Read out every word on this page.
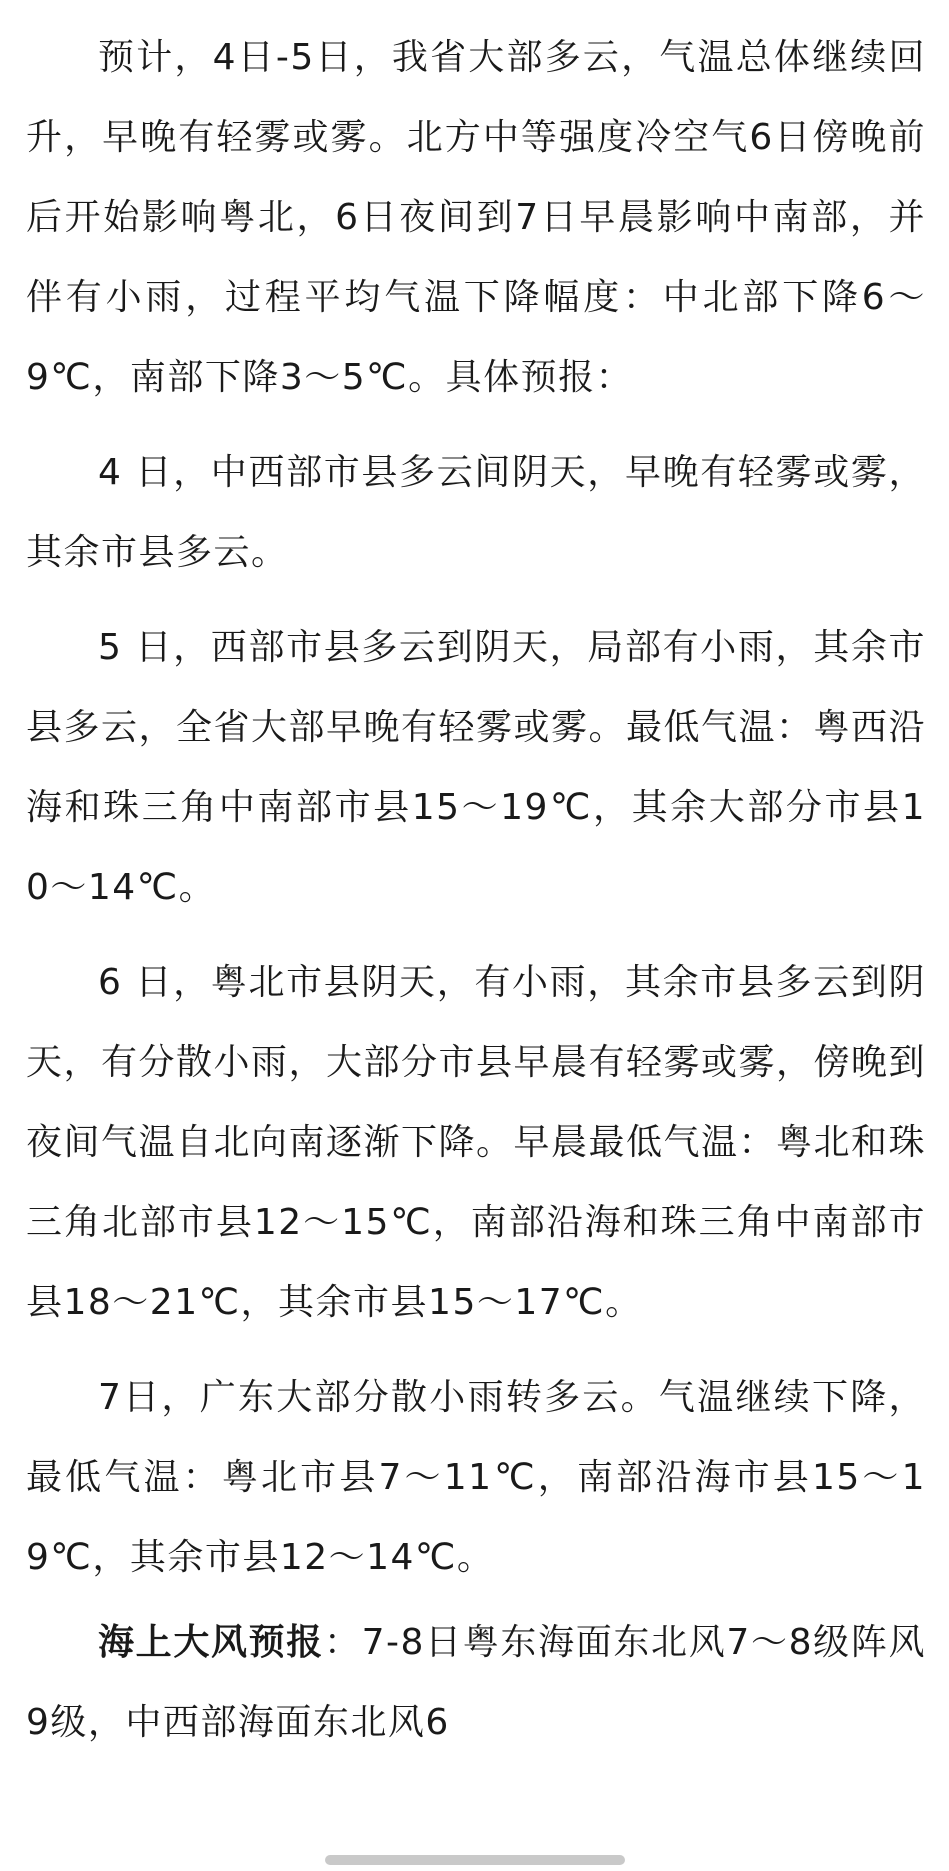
预计，4日-5日，我省大部多云，气温总体继续回升，早晚有轻雾或雾。北方中等强度冷空气6日傍晚前后开始影响粤北，6日夜间到7日早晨影响中南部，并伴有小雨，过程平均气温下降幅度：中北部下降6～9℃，南部下降3～5℃。具体预报：

4 日，中西部市县多云间阴天，早晚有轻雾或雾，其余市县多云。

5 日，西部市县多云到阴天，局部有小雨，其余市县多云，全省大部早晚有轻雾或雾。最低气温：粤西沿海和珠三角中南部市县15～19℃，其余大部分市县10～14℃。

6 日，粤北市县阴天，有小雨，其余市县多云到阴天，有分散小雨，大部分市县早晨有轻雾或雾，傍晚到夜间气温自北向南逐渐下降。早晨最低气温：粤北和珠三角北部市县12～15℃，南部沿海和珠三角中南部市县18～21℃，其余市县15～17℃。

7日，广东大部分散小雨转多云。气温继续下降，最低气温：粤北市县7～11℃，南部沿海市县15～19℃，其余市县12～14℃。

海上大风预报：7-8日粤东海面东北风7～8级阵风9级，中西部海面东北风6
